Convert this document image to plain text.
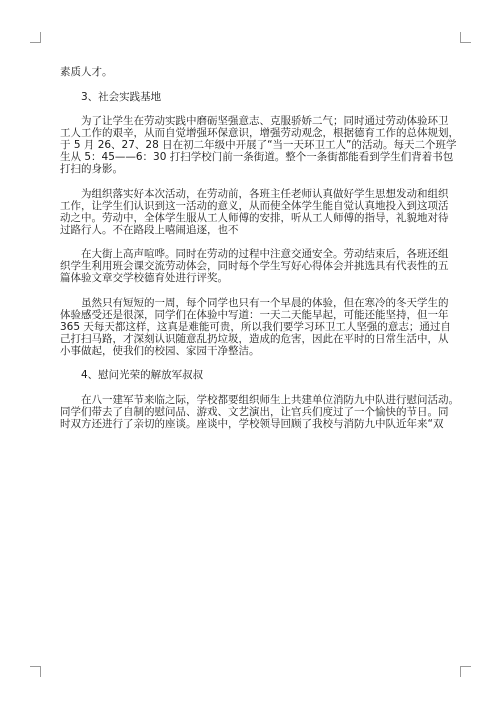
素质人才。

3、社会实践基地

为了让学生在劳动实践中磨砺坚强意志、克服骄娇二气；同时通过劳动体验环卫

工人工作的艰辛，从而自觉增强环保意识，增强劳动观念，根据德育工作的总体规划，

于 5 月 26、27、28 日在初二年级中开展了“当一天环卫工人”的活动。每天二个班学

生从 5：45——6：30 打扫学校门前一条街道。整个一条街都能看到学生们背着书包

打扫的身影。

为组织落实好本次活动，在劳动前，各班主任老师认真做好学生思想发动和组织

工作，让学生们认识到这一活动的意义，从而使全体学生能自觉认真地投入到这项活

动之中。劳动中，全体学生服从工人师傅的安排，听从工人师傅的指导，礼貌地对待

过路行人。不在路段上嘻闹追逐，也不

在大街上高声喧哗。同时在劳动的过程中注意交通安全。劳动结束后，各班还组

织学生利用班会课交流劳动体会，同时每个学生写好心得体会并挑选具有代表性的五

篇体验文章交学校德育处进行评奖。

虽然只有短短的一周，每个同学也只有一个早晨的体验，但在寒冷的冬天学生的

体验感受还是很深，同学们在体验中写道：一天二天能早起，可能还能坚持，但一年

365 天每天都这样，这真是难能可贵，所以我们要学习环卫工人坚强的意志；通过自

己打扫马路，才深刻认识随意乱扔垃圾，造成的危害，因此在平时的日常生活中，从

小事做起，使我们的校园、家园干净整洁。

4、慰问光荣的解放军叔叔

在八一建军节来临之际，学校都要组织师生上共建单位消防九中队进行慰问活动。

同学们带去了自制的慰问品、游戏、文艺演出，让官兵们度过了一个愉快的节日。同

时双方还进行了亲切的座谈。座谈中，学校领导回顾了我校与消防九中队近年来“双
